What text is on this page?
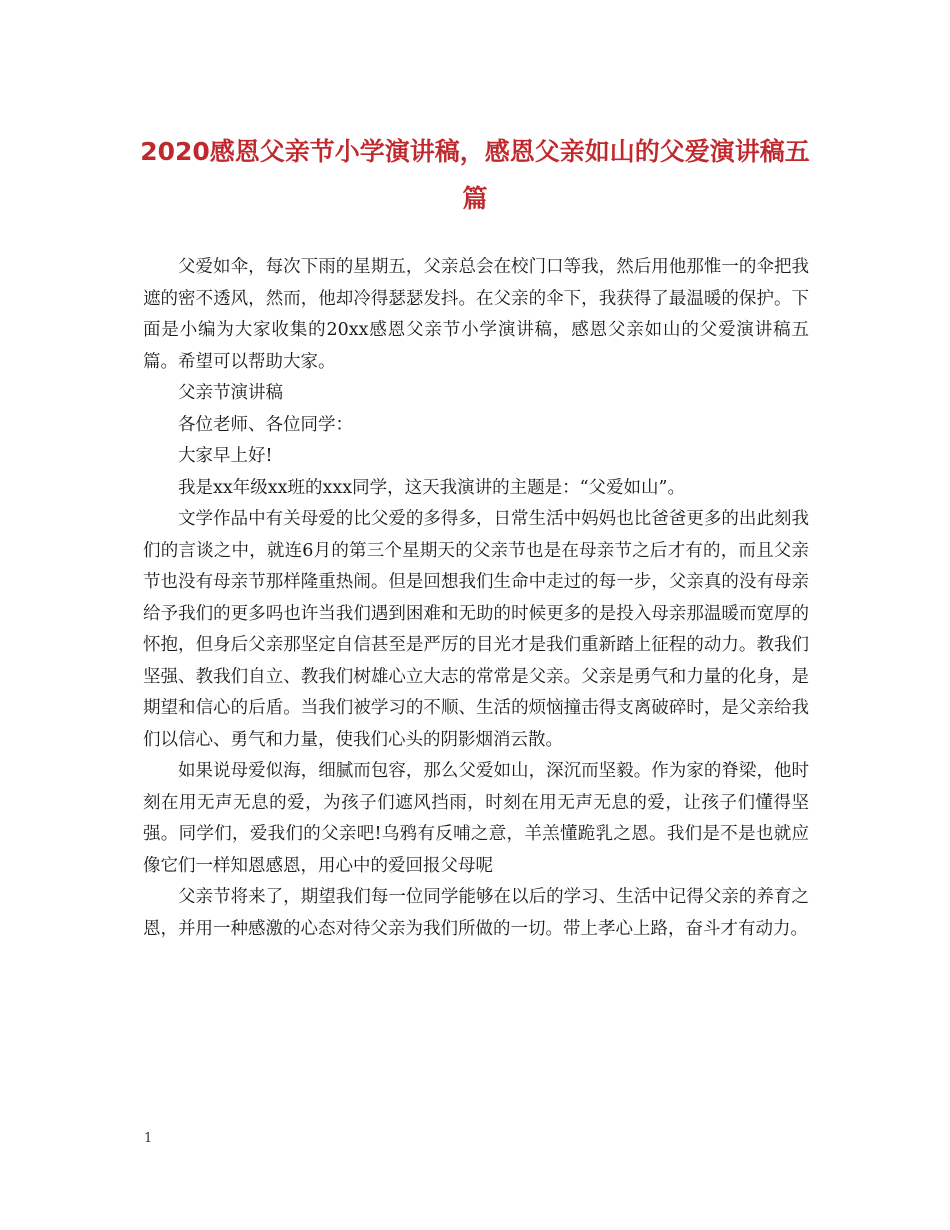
2020感恩父亲节小学演讲稿，感恩父亲如山的父爱演讲稿五篇

父爱如伞，每次下雨的星期五，父亲总会在校门口等我，然后用他那惟一的伞把我遮的密不透风，然而，他却冷得瑟瑟发抖。在父亲的伞下，我获得了最温暖的保护。下面是小编为大家收集的20xx感恩父亲节小学演讲稿，感恩父亲如山的父爱演讲稿五篇。希望可以帮助大家。

父亲节演讲稿

各位老师、各位同学：

大家早上好!

我是xx年级xx班的xxx同学，这天我演讲的主题是：“父爱如山”。

文学作品中有关母爱的比父爱的多得多，日常生活中妈妈也比爸爸更多的出此刻我们的言谈之中，就连6月的第三个星期天的父亲节也是在母亲节之后才有的，而且父亲节也没有母亲节那样隆重热闹。但是回想我们生命中走过的每一步，父亲真的没有母亲给予我们的更多吗也许当我们遇到困难和无助的时候更多的是投入母亲那温暖而宽厚的怀抱，但身后父亲那坚定自信甚至是严厉的目光才是我们重新踏上征程的动力。教我们坚强、教我们自立、教我们树雄心立大志的常常是父亲。父亲是勇气和力量的化身，是期望和信心的后盾。当我们被学习的不顺、生活的烦恼撞击得支离破碎时，是父亲给我们以信心、勇气和力量，使我们心头的阴影烟消云散。

如果说母爱似海，细腻而包容，那么父爱如山，深沉而坚毅。作为家的脊梁，他时刻在用无声无息的爱，为孩子们遮风挡雨，时刻在用无声无息的爱，让孩子们懂得坚强。同学们，爱我们的父亲吧!乌鸦有反哺之意，羊羔懂跪乳之恩。我们是不是也就应像它们一样知恩感恩，用心中的爱回报父母呢

父亲节将来了，期望我们每一位同学能够在以后的学习、生活中记得父亲的养育之恩，并用一种感激的心态对待父亲为我们所做的一切。带上孝心上路，奋斗才有动力。

1
